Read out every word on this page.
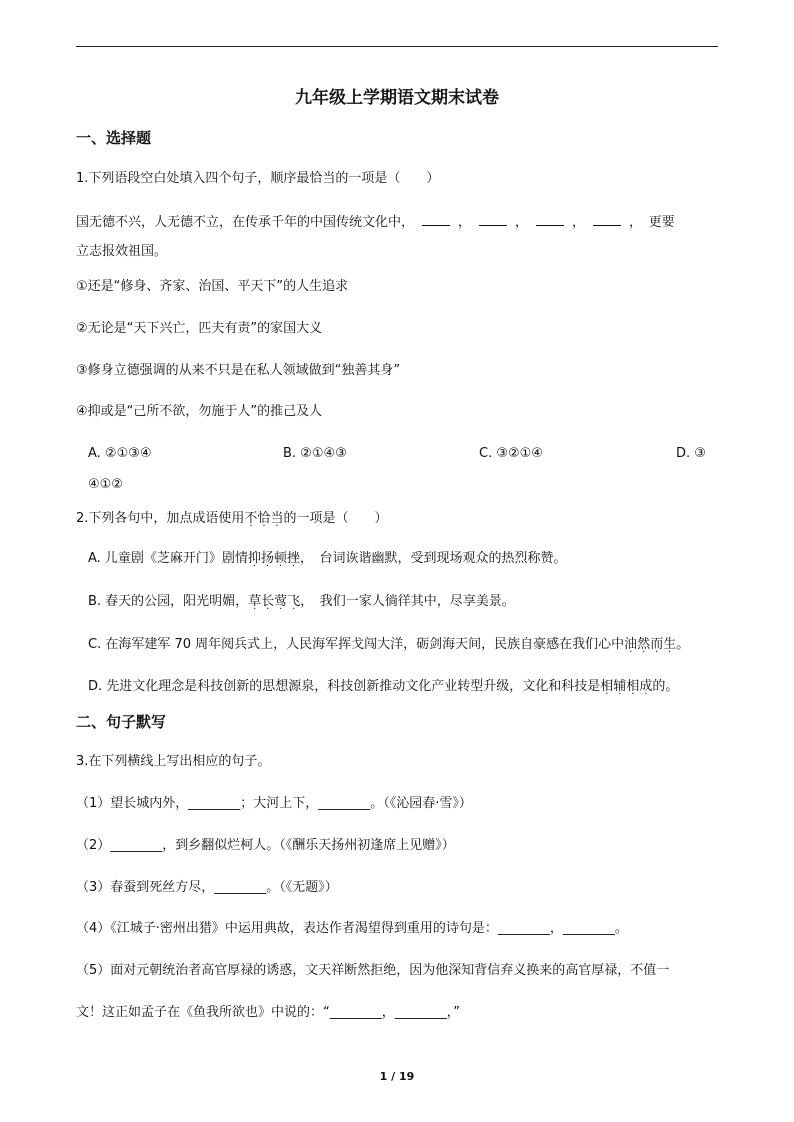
九年级上学期语文期末试卷
一、选择题
1.下列语段空白处填入四个句子，顺序最恰当的一项是（　　）
国无德不兴，人无德不立，在传承千年的中国传统文化中，	，	，	，	，　更要
立志报效祖国。
①还是“修身、齐家、治国、平天下”的人生追求
②无论是“天下兴亡，匹夫有责”的家国大义
③修身立德强调的从来不只是在私人领域做到“独善其身”
④抑或是“己所不欲，勿施于人”的推己及人
A. ②①③④	B. ②①④③	C. ③②①④	D. ③
④①②
2.下列各句中，加点成语使用不恰当的一项是（　　）
A. 儿童剧《芝麻开门》剧情抑扬顿挫，　台词诙谐幽默，受到现场观众的热烈称赞。
B. 春天的公园，阳光明媚，草长莺飞，　我们一家人徜徉其中，尽享美景。
C. 在海军建军 70 周年阅兵式上，人民海军挥戈闯大洋，砺剑海天间，民族自豪感在我们心中油然而生。
D. 先进文化理念是科技创新的思想源泉，科技创新推动文化产业转型升级，文化和科技是相辅相成的。
二、句子默写
3.在下列横线上写出相应的句子。
（1）望长城内外，________；大河上下，________。（《沁园春·雪》）
（2）________，到乡翻似烂柯人。（《酬乐天扬州初逢席上见赠》）
（3）春蚕到死丝方尽，________。（《无题》）
（4）《江城子·密州出猎》中运用典故，表达作者渴望得到重用的诗句是：________，________。
（5）面对元朝统治者高官厚禄的诱惑，文天祥断然拒绝，因为他深知背信弃义换来的高官厚禄，不值一
文！这正如孟子在《鱼我所欲也》中说的：“________，________，”
1 / 19
